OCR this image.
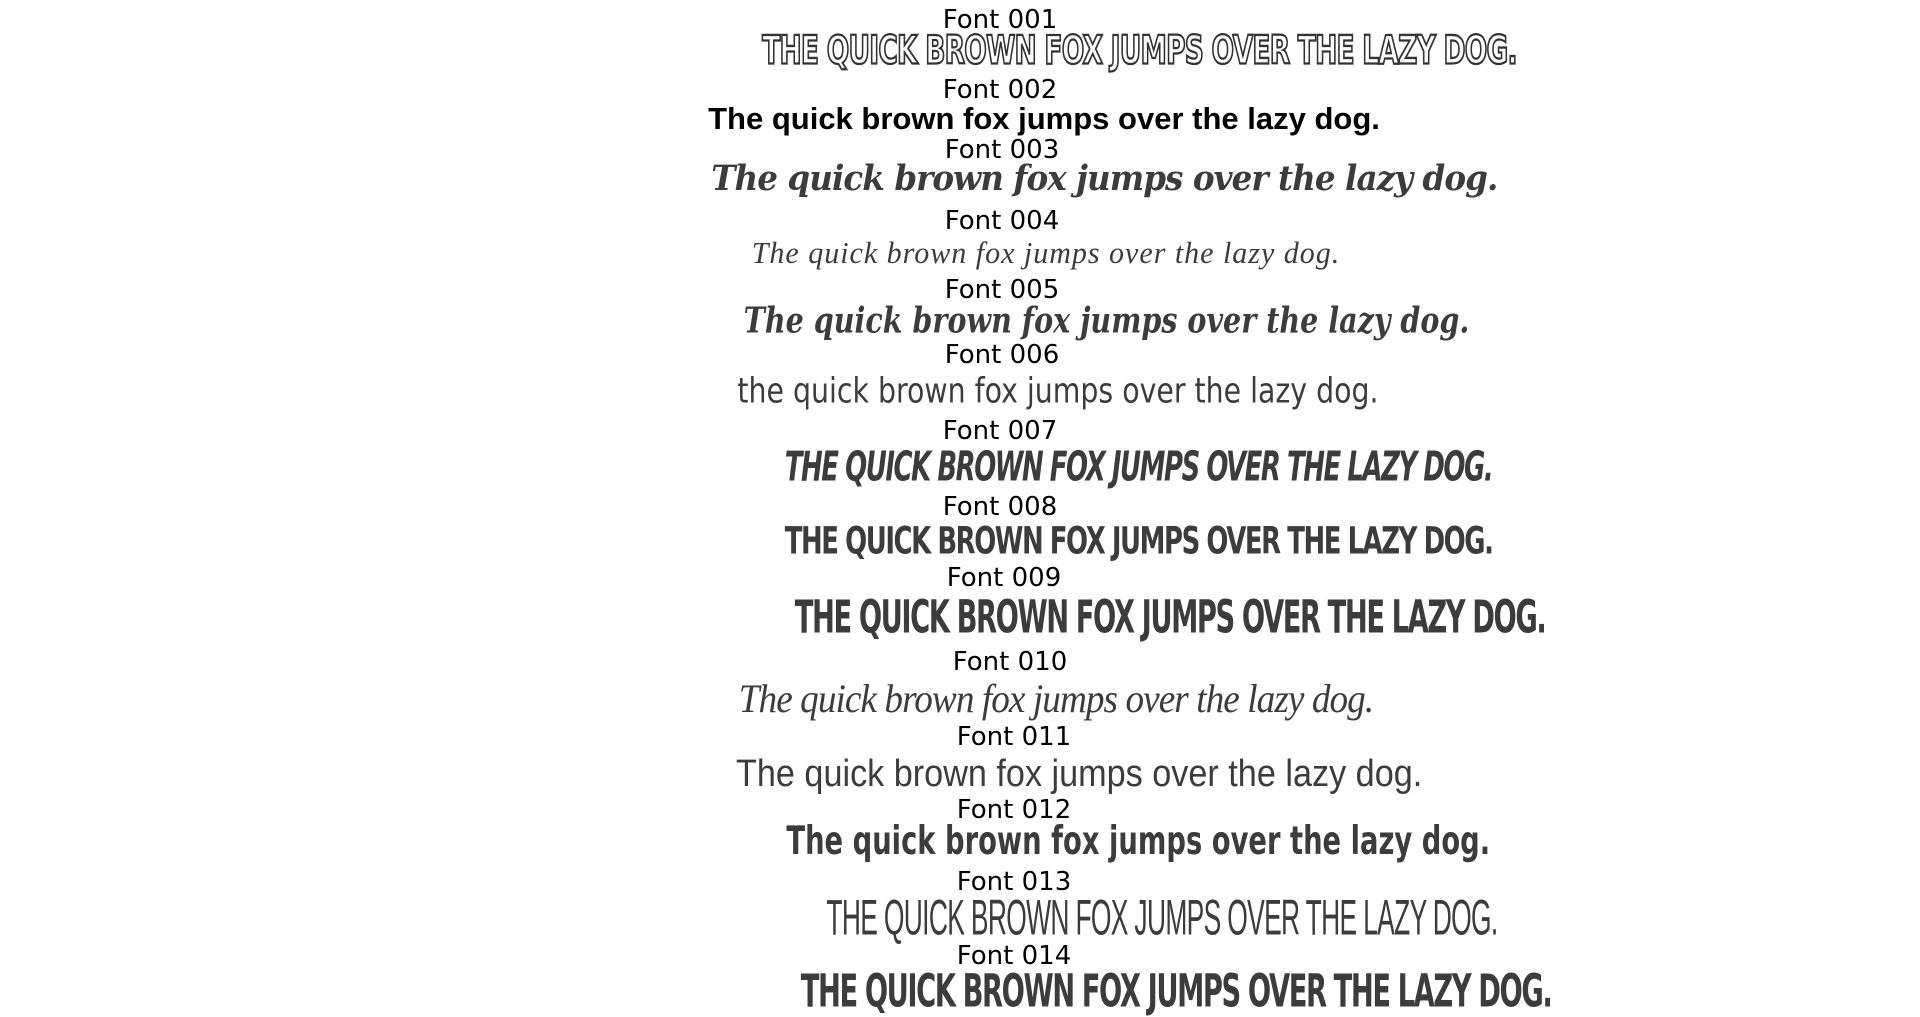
Font 001
THE QUICK BROWN FOX JUMPS OVER THE LAZY DOG.
Font 002
The quick brown fox jumps over the lazy dog.
Font 003
The quick brown fox jumps over the lazy dog.
Font 004
The quick brown fox jumps over the lazy dog.
Font 005
The quick brown fox jumps over the lazy dog.
Font 006
the quick brown fox jumps over the lazy dog.
Font 007
THE QUICK BROWN FOX JUMPS OVER THE LAZY DOG.
Font 008
THE QUICK BROWN FOX JUMPS OVER THE LAZY DOG.
Font 009
THE QUICK BROWN FOX JUMPS OVER THE LAZY DOG.
Font 010
The quick brown fox jumps over the lazy dog.
Font 011
The quick brown fox jumps over the lazy dog.
Font 012
The quick brown fox jumps over the lazy dog.
Font 013
THE QUICK BROWN FOX JUMPS OVER THE LAZY DOG.
Font 014
THE QUICK BROWN FOX JUMPS OVER THE LAZY DOG.
